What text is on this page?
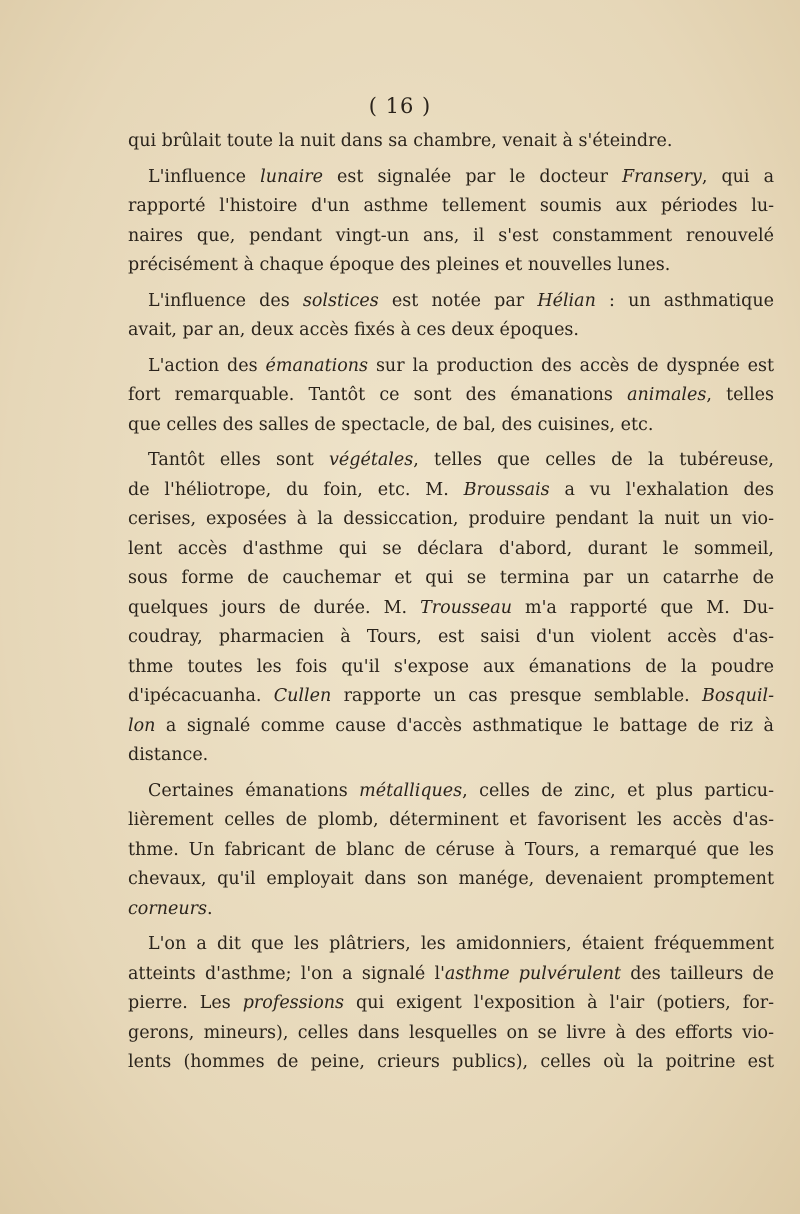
( 16 )
qui brûlait toute la nuit dans sa chambre, venait à s'éteindre.
L'influence lunaire est signalée par le docteur Fransery, qui a
rapporté l'histoire d'un asthme tellement soumis aux périodes lu-
naires que, pendant vingt-un ans, il s'est constamment renouvelé
précisément à chaque époque des pleines et nouvelles lunes.
L'influence des solstices est notée par Hélian : un asthmatique
avait, par an, deux accès fixés à ces deux époques.
L'action des émanations sur la production des accès de dyspnée est
fort remarquable. Tantôt ce sont des émanations animales, telles
que celles des salles de spectacle, de bal, des cuisines, etc.
Tantôt elles sont végétales, telles que celles de la tubéreuse,
de l'héliotrope, du foin, etc. M. Broussais a vu l'exhalation des
cerises, exposées à la dessiccation, produire pendant la nuit un vio-
lent accès d'asthme qui se déclara d'abord, durant le sommeil,
sous forme de cauchemar et qui se termina par un catarrhe de
quelques jours de durée. M. Trousseau m'a rapporté que M. Du-
coudray, pharmacien à Tours, est saisi d'un violent accès d'as-
thme toutes les fois qu'il s'expose aux émanations de la poudre
d'ipécacuanha. Cullen rapporte un cas presque semblable. Bosquil-
lon a signalé comme cause d'accès asthmatique le battage de riz à
distance.
Certaines émanations métalliques, celles de zinc, et plus particu-
lièrement celles de plomb, déterminent et favorisent les accès d'as-
thme. Un fabricant de blanc de céruse à Tours, a remarqué que les
chevaux, qu'il employait dans son manége, devenaient promptement
corneurs.
L'on a dit que les plâtriers, les amidonniers, étaient fréquemment
atteints d'asthme; l'on a signalé l'asthme pulvérulent des tailleurs de
pierre. Les professions qui exigent l'exposition à l'air (potiers, for-
gerons, mineurs), celles dans lesquelles on se livre à des efforts vio-
lents (hommes de peine, crieurs publics), celles où la poitrine est
